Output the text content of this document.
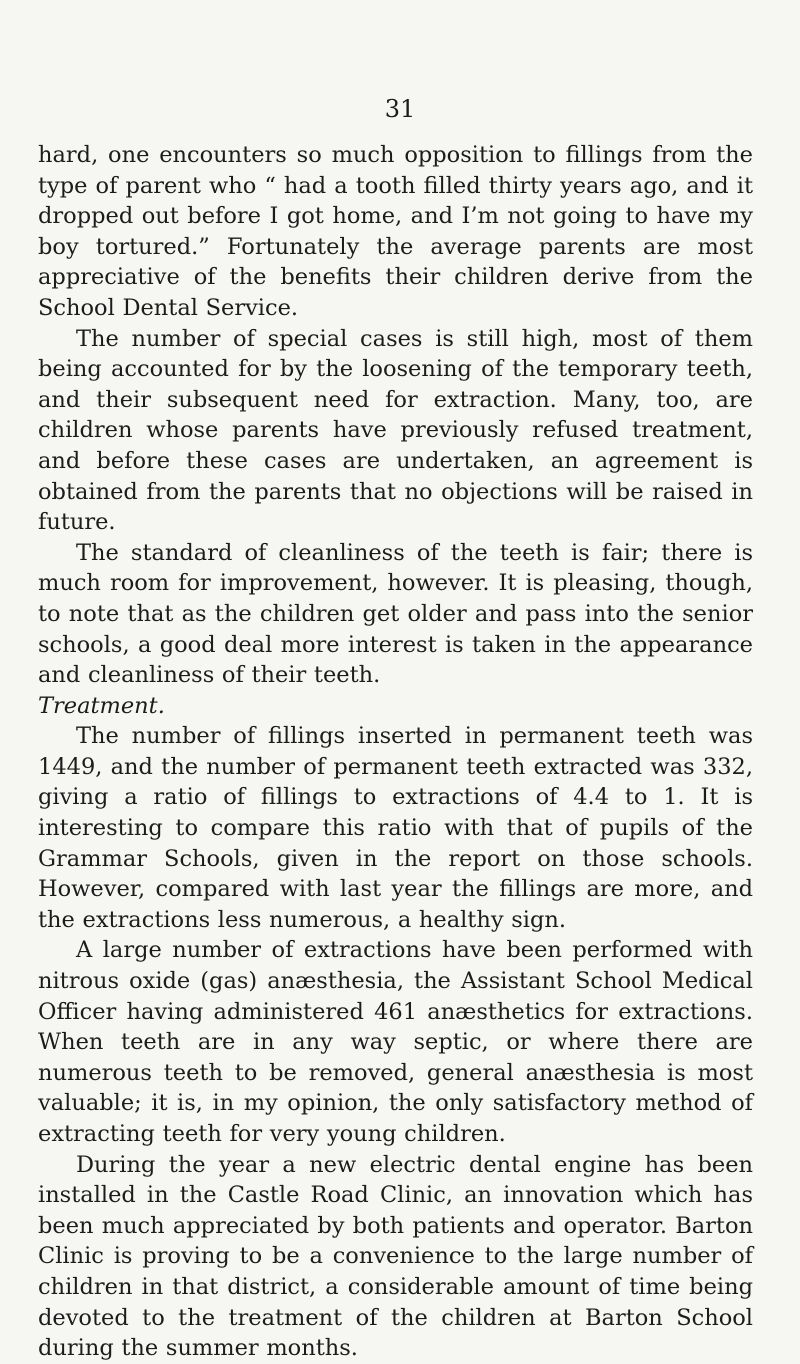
31

hard, one encounters so much opposition to fillings from the type of parent who “ had a tooth filled thirty years ago, and it dropped out before I got home, and I’m not going to have my boy tortured.” Fortunately the average parents are most appreciative of the benefits their children derive from the School Dental Service.

The number of special cases is still high, most of them being accounted for by the loosening of the temporary teeth, and their subsequent need for extraction. Many, too, are children whose parents have previously refused treatment, and before these cases are undertaken, an agreement is obtained from the parents that no objections will be raised in future.

The standard of cleanliness of the teeth is fair; there is much room for improvement, however. It is pleasing, though, to note that as the children get older and pass into the senior schools, a good deal more interest is taken in the appearance and cleanliness of their teeth.

Treatment.

The number of fillings inserted in permanent teeth was 1449, and the number of permanent teeth extracted was 332, giving a ratio of fillings to extractions of 4.4 to 1. It is interesting to compare this ratio with that of pupils of the Grammar Schools, given in the report on those schools. However, compared with last year the fillings are more, and the extractions less numerous, a healthy sign.

A large number of extractions have been performed with nitrous oxide (gas) anæsthesia, the Assistant School Medical Officer having administered 461 anæsthetics for extractions. When teeth are in any way septic, or where there are numerous teeth to be removed, general anæsthesia is most valuable; it is, in my opinion, the only satisfactory method of extracting teeth for very young children.

During the year a new electric dental engine has been installed in the Castle Road Clinic, an innovation which has been much appreciated by both patients and operator. Barton Clinic is proving to be a convenience to the large number of children in that district, a considerable amount of time being devoted to the treatment of the children at Barton School during the summer months.
